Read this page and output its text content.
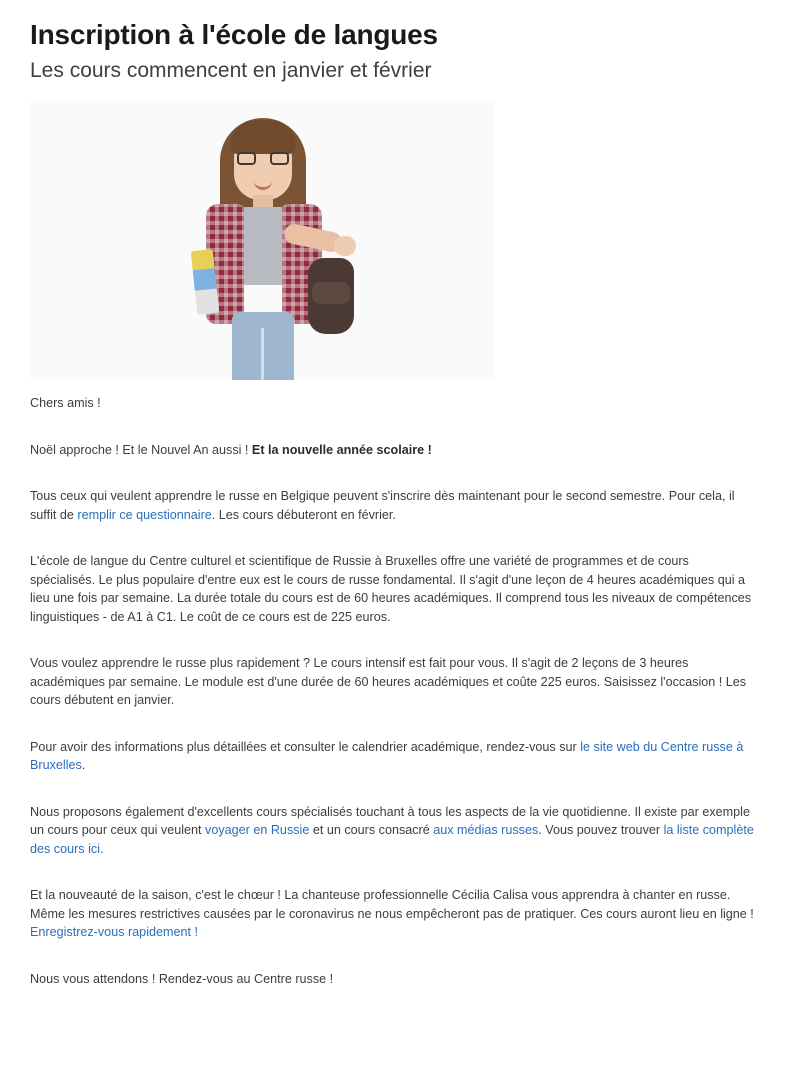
Inscription à l'école de langues
Les cours commencent en janvier et février

Chers amis !

Noël approche ! Et le Nouvel An aussi ! Et la nouvelle année scolaire !

Tous ceux qui veulent apprendre le russe en Belgique peuvent s'inscrire dès maintenant pour le second semestre. Pour cela, il suffit de remplir ce questionnaire. Les cours débuteront en février.

L'école de langue du Centre culturel et scientifique de Russie à Bruxelles offre une variété de programmes et de cours spécialisés. Le plus populaire d'entre eux est le cours de russe fondamental. Il s'agit d'une leçon de 4 heures académiques qui a lieu une fois par semaine. La durée totale du cours est de 60 heures académiques. Il comprend tous les niveaux de compétences linguistiques - de A1 à C1. Le coût de ce cours est de 225 euros.

Vous voulez apprendre le russe plus rapidement ? Le cours intensif est fait pour vous. Il s'agit de 2 leçons de 3 heures académiques par semaine. Le module est d'une durée de 60 heures académiques et coûte 225 euros. Saisissez l'occasion ! Les cours débutent en janvier.

Pour avoir des informations plus détaillées et consulter le calendrier académique, rendez-vous sur le site web du Centre russe à Bruxelles.

Nous proposons également d'excellents cours spécialisés touchant à tous les aspects de la vie quotidienne. Il existe par exemple un cours pour ceux qui veulent voyager en Russie et un cours consacré aux médias russes. Vous pouvez trouver la liste complète des cours ici.

Et la nouveauté de la saison, c'est le chœur ! La chanteuse professionnelle Cécilia Calisa vous apprendra à chanter en russe. Même les mesures restrictives causées par le coronavirus ne nous empêcheront pas de pratiquer. Ces cours auront lieu en ligne ! Enregistrez-vous rapidement !

Nous vous attendons ! Rendez-vous au Centre russe !
